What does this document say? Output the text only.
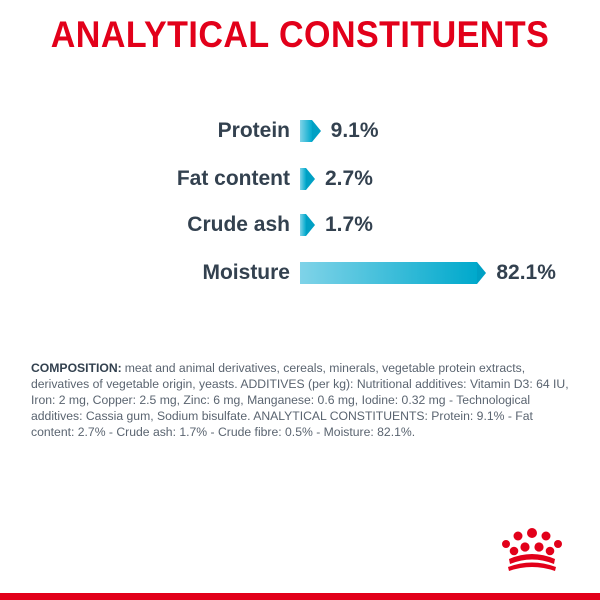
ANALYTICAL CONSTITUENTS
Protein 9.1%
Fat content 2.7%
Crude ash 1.7%
Moisture	82.1%
COMPOSITION: meat and animal derivatives, cereals, minerals, vegetable protein extracts, derivatives of vegetable origin, yeasts. ADDITIVES (per kg): Nutritional additives: Vitamin D3: 64 IU, Iron: 2 mg, Copper: 2.5 mg, Zinc: 6 mg, Manganese: 0.6 mg, Iodine: 0.32 mg - Technological additives: Cassia gum, Sodium bisulfate. ANALYTICAL CONSTITUENTS: Protein: 9.1% - Fat content: 2.7% - Crude ash: 1.7% - Crude fibre: 0.5% - Moisture: 82.1%.
